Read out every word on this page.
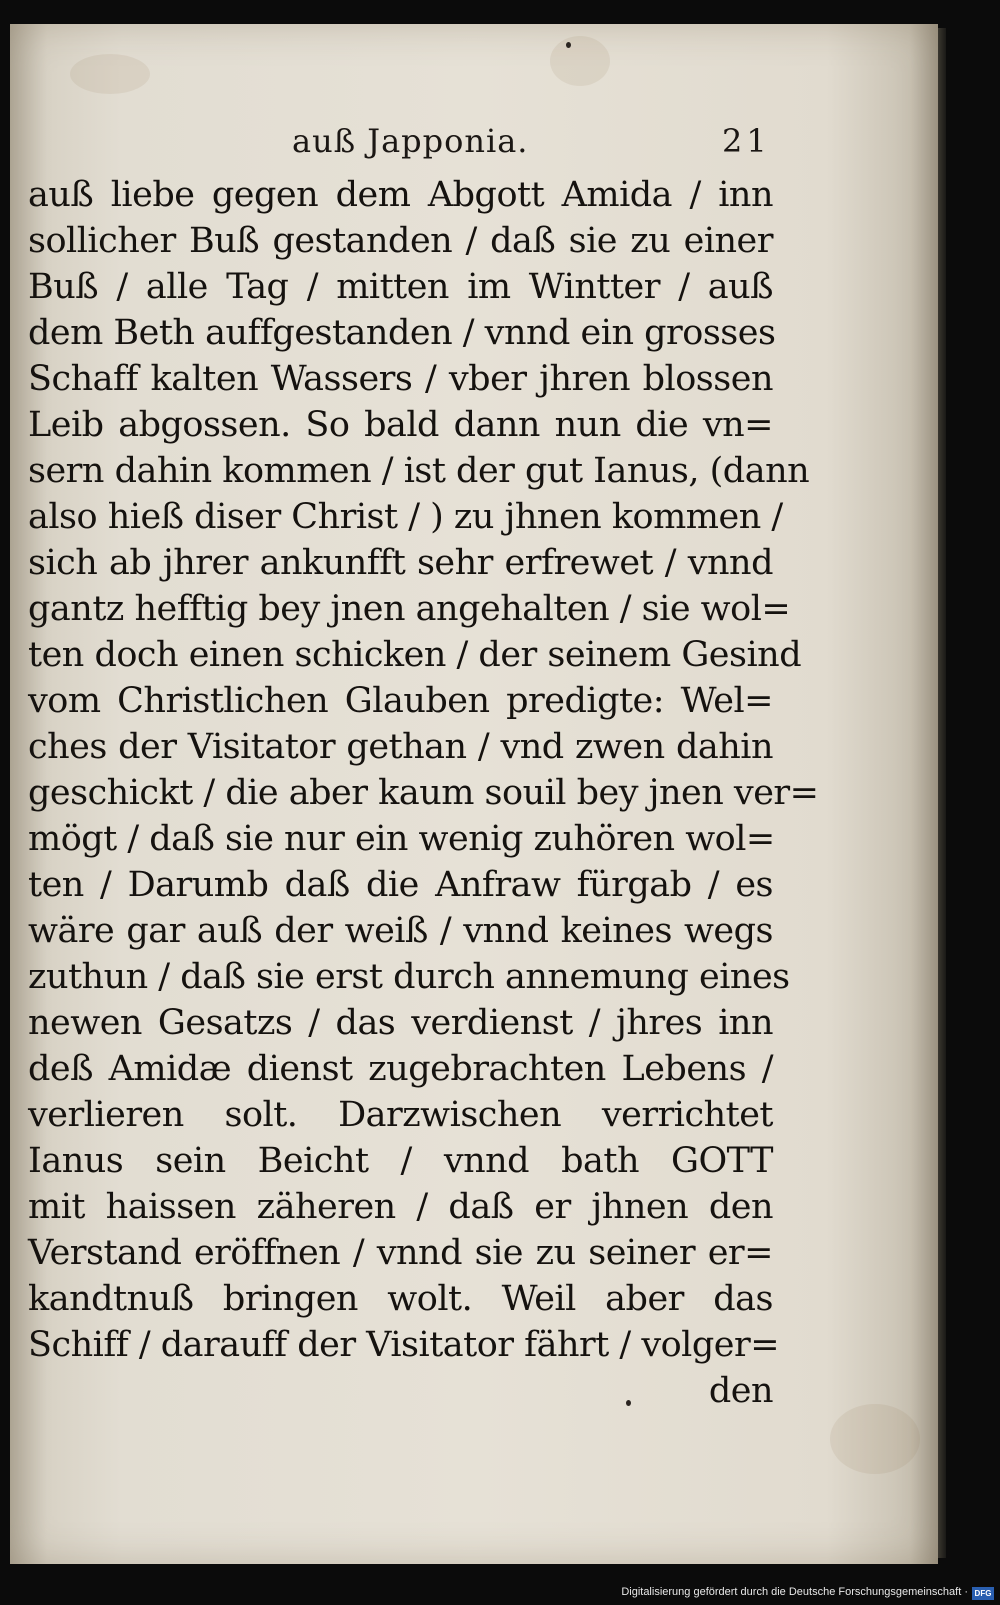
auß Japponia.	21
auß liebe gegen dem Abgott Amida / inn
sollicher Buß gestanden / daß sie zu einer
Buß / alle Tag / mitten im Wintter / auß
dem Beth auffgestanden / vnnd ein grosses
Schaff kalten Wassers / vber jhren blossen
Leib abgossen. So bald dann nun die vn=
sern dahin kommen / ist der gut Ianus, (dann
also hieß diser Christ / ) zu jhnen kommen /
sich ab jhrer ankunfft sehr erfrewet / vnnd
gantz hefftig bey jnen angehalten / sie wol=
ten doch einen schicken / der seinem Gesind
vom Christlichen Glauben predigte: Wel=
ches der Visitator gethan / vnd zwen dahin
geschickt / die aber kaum souil bey jnen ver=
mögt / daß sie nur ein wenig zuhören wol=
ten / Darumb daß die Anfraw fürgab / es
wäre gar auß der weiß / vnnd keines wegs
zuthun / daß sie erst durch annemung eines
newen Gesatzs / das verdienst / jhres inn
deß Amidæ dienst zugebrachten Lebens /
verlieren solt. Darzwischen verrichtet
Ianus sein Beicht / vnnd bath GOTT
mit haissen zäheren / daß er jhnen den
Verstand eröffnen / vnnd sie zu seiner er=
kandtnuß bringen wolt. Weil aber das
Schiff / darauff der Visitator fährt / volger=
den
Digitalisierung gefördert durch die Deutsche Forschungsgemeinschaft · DFG
